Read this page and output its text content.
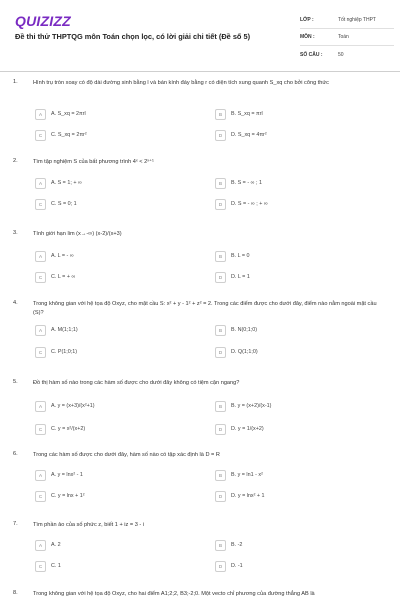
QUIZIZZ
Đề thi thử THPTQG môn Toán chọn lọc, có lời giải chi tiết (Đề số 5)
LỚP :	Tốt nghiệp THPT
MÔN :	Toán
SỐ CÂU :	50
1.	Hình trụ tròn xoay có độ dài đường sinh bằng l và bán kính đáy bằng r có diện tích xung quanh S_xq cho bởi công thức
A	A. S_xq = 2πrl	B	B. S_xq = πrl
C	C. S_xq = 2πr²	D	D. S_xq = 4πr²
2.	Tìm tập nghiệm S của bất phương trình 4ˣ < 2ˣ⁺¹
A	A. S = 1; + ∞	B	B. S = - ∞ ; 1
C	C. S = 0; 1	D	D. S = - ∞ ; + ∞
3.	Tính giới hạn lim (x→-∞) (x-2)/(x+3)
A	A. L = - ∞	B	B. L = 0
C	C. L = + ∞	D	D. L = 1
4.	Trong không gian với hệ tọa độ Oxyz, cho mặt cầu S: x² + y - 1² + z² = 2. Trong các điểm được cho dưới đây, điểm nào nằm ngoài mặt cầu (S)?
A	A. M(1;1;1)	B	B. N(0;1;0)
C	C. P(1;0;1)	D	D. Q(1;1;0)
5.	Đồ thị hàm số nào trong các hàm số được cho dưới đây không có tiệm cận ngang?
A	A. y = (x+3)/(x²+1)	B	B. y = (x+2)/(x-1)
C	C. y = x²/(x+2)	D	D. y = 1/(x+2)
6.	Trong các hàm số được cho dưới đây, hàm số nào có tập xác định là D = R
A	A. y = lnx² - 1	B	B. y = ln1 - x²
C	C. y = lnx + 1²	D	D. y = lnx² + 1
7.	Tìm phần ảo của số phức z, biết 1 + iz = 3 - i
A	A. 2	B	B. -2
C	C. 1	D	D. -1
8.	Trong không gian với hệ tọa độ Oxyz, cho hai điểm A1;2;2, B3;-2;0. Một vecto chỉ phương của đường thẳng AB là
